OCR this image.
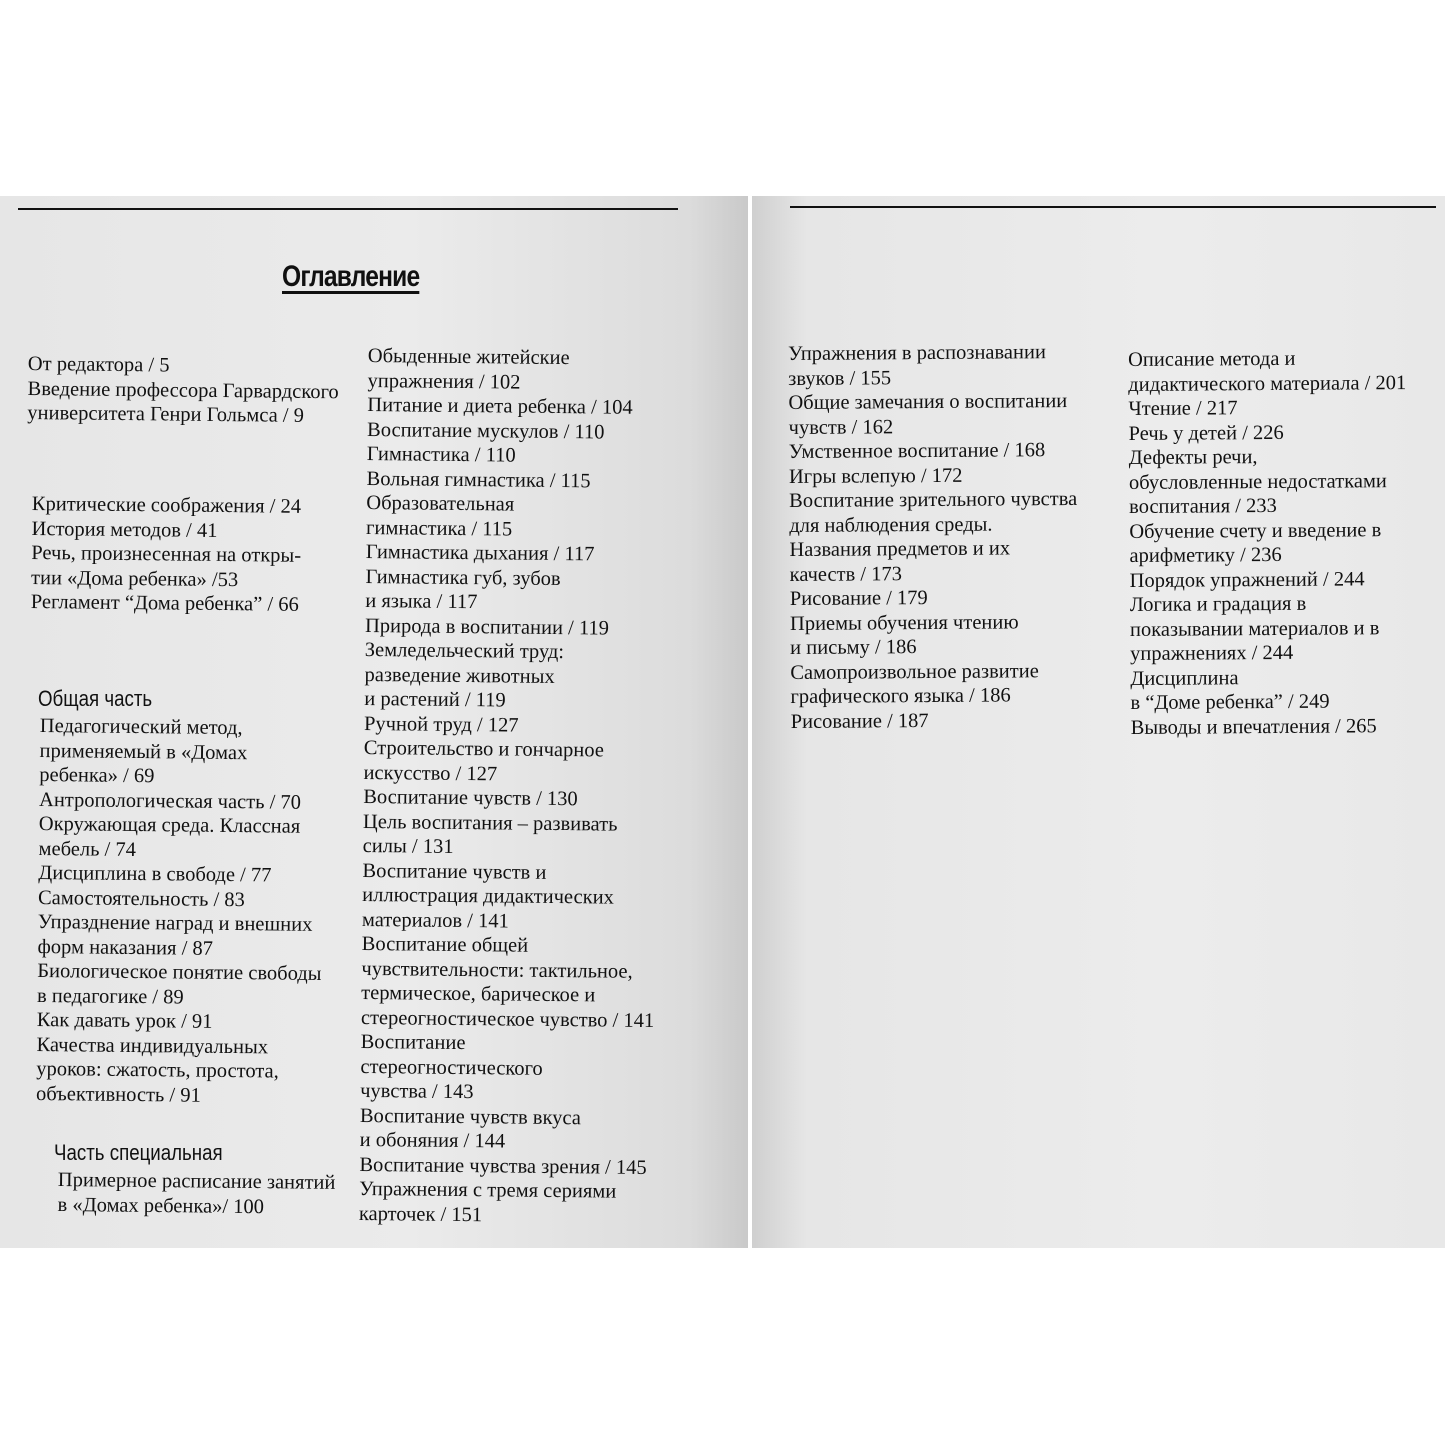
Оглавление
От редактора / 5
Введение профессора Гарвардского
университета Генри Гольмса / 9
Критические соображения / 24
История методов / 41
Речь, произнесенная на откры-
тии «Дома ребенка» /53
Регламент “Дома ребенка” / 66
Общая часть
Педагогический метод,
применяемый в «Домах
ребенка» / 69
Антропологическая часть / 70
Окружающая среда. Классная
мебель / 74
Дисциплина в свободе / 77
Самостоятельность / 83
Упразднение наград и внешних
форм наказания / 87
Биологическое понятие свободы
в педагогике / 89
Как давать урок / 91
Качества индивидуальных
уроков: сжатость, простота,
объективность / 91
Часть специальная
Примерное расписание занятий
в «Домах ребенка»/ 100
Обыденные житейские
упражнения / 102
Питание и диета ребенка / 104
Воспитание мускулов / 110
Гимнастика / 110
Вольная гимнастика / 115
Образовательная
гимнастика / 115
Гимнастика дыхания / 117
Гимнастика губ, зубов
и языка / 117
Природа в воспитании / 119
Земледельческий труд:
разведение животных
и растений / 119
Ручной труд / 127
Строительство и гончарное
искусство / 127
Воспитание чувств / 130
Цель воспитания – развивать
силы / 131
Воспитание чувств и
иллюстрация дидактических
материалов / 141
Воспитание общей
чувствительности: тактильное,
термическое, барическое и
стереогностическое чувство / 141
Воспитание
стереогностического
чувства / 143
Воспитание чувств вкуса
и обоняния / 144
Воспитание чувства зрения / 145
Упражнения с тремя сериями
карточек / 151
Упражнения в распознавании
звуков / 155
Общие замечания о воспитании
чувств / 162
Умственное воспитание / 168
Игры вслепую / 172
Воспитание зрительного чувства
для наблюдения среды.
Названия предметов и их
качеств / 173
Рисование / 179
Приемы обучения чтению
и письму / 186
Самопроизвольное развитие
графического языка / 186
Рисование / 187
Описание метода и
дидактического материала / 201
Чтение / 217
Речь у детей / 226
Дефекты речи,
обусловленные недостатками
воспитания / 233
Обучение счету и введение в
арифметику / 236
Порядок упражнений / 244
Логика и градация в
показывании материалов и в
упражнениях / 244
Дисциплина
в “Доме ребенка” / 249
Выводы и впечатления / 265
